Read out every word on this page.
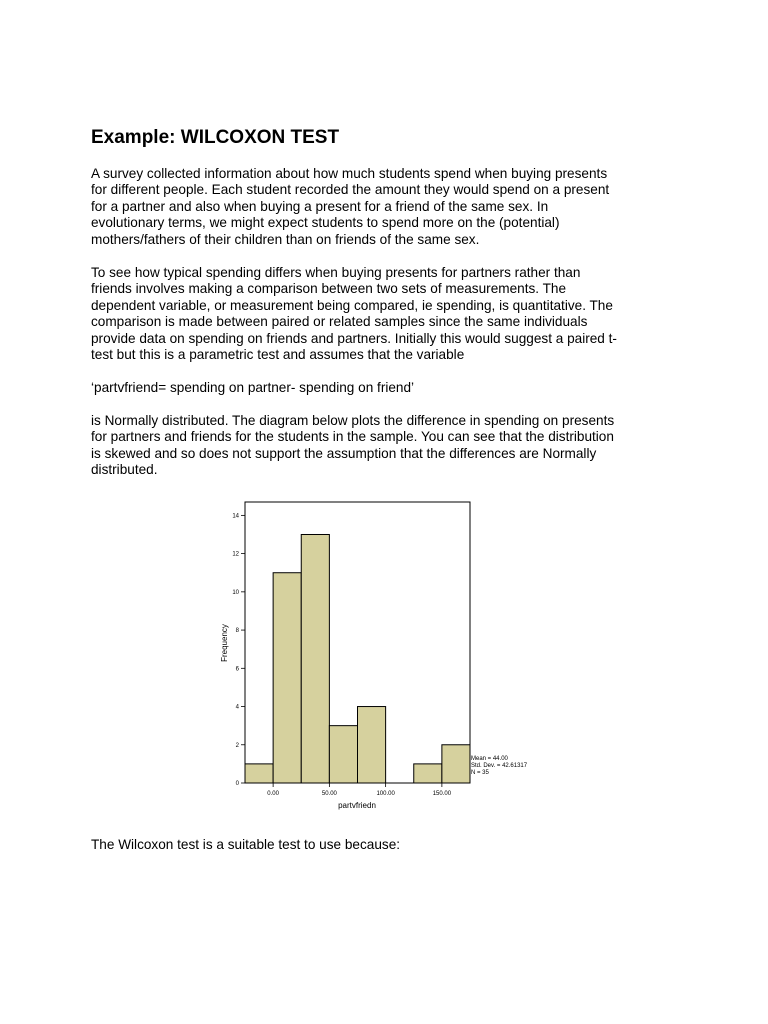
Example: WILCOXON TEST
A survey collected information about how much students spend when buying presents
for different people. Each student recorded the amount they would spend on a present
for a partner and also when buying a present for a friend of the same sex. In
evolutionary terms, we might expect students to spend more on the (potential)
mothers/fathers of their children than on friends of the same sex.
To see how typical spending differs when buying presents for partners rather than
friends involves making a comparison between two sets of measurements. The
dependent variable, or measurement being compared, ie spending, is quantitative. The
comparison is made between paired or related samples since the same individuals
provide data on spending on friends and partners. Initially this would suggest a paired t-
test but this is a parametric test and assumes that the variable
‘partvfriend= spending on partner- spending on friend’
is Normally distributed. The diagram below plots the difference in spending on presents
for partners and friends for the students in the sample. You can see that the distribution
is skewed and so does not support the assumption that the differences are Normally
distributed.
0
2
4
6
8
10
12
14
0.00	50.00	100.00	150.00
Frequency
partvfriedn
Mean = 44.00
Std. Dev. = 42.61317
N = 35
The Wilcoxon test is a suitable test to use because:
